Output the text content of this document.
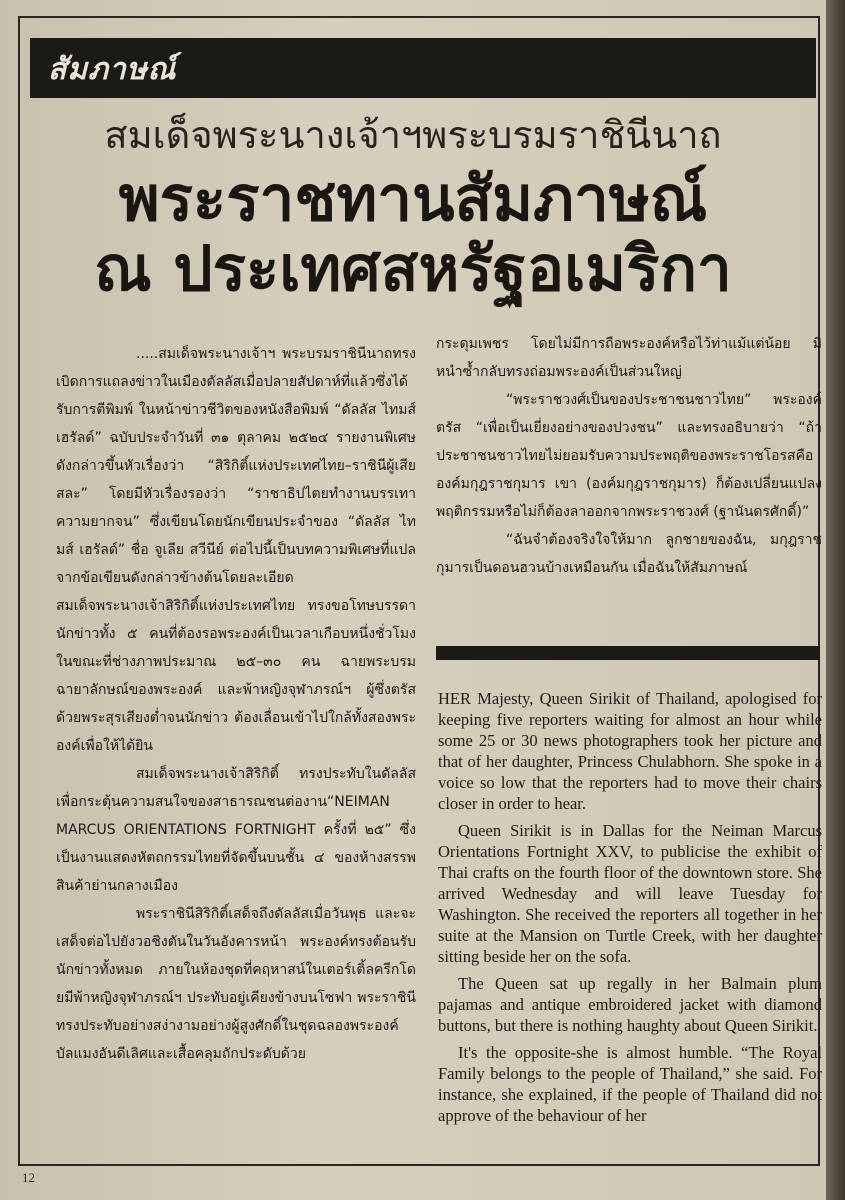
สัมภาษณ์
สมเด็จพระนางเจ้าฯพระบรมราชินีนาถ
พระราชทานสัมภาษณ์
ณ ประเทศสหรัฐอเมริกา

.....สมเด็จพระนางเจ้าฯ พระบรมราชินีนาถทรงเบิดการแถลงข่าวในเมืองดัลลัสเมื่อปลายสัปดาห์ที่แล้วซึ่งได้รับการตีพิมพ์ ในหน้าข่าวชีวิตของหนังสือพิมพ์ “ดัลลัส ไทมส์ เฮรัลด์” ฉบับประจำวันที่ ๓๑ ตุลาคม ๒๕๒๔ รายงานพิเศษดังกล่าวขึ้นหัวเรื่องว่า “สิริกิติ์แห่งประเทศไทย–ราชินีผู้เสียสละ” โดยมีหัวเรื่องรองว่า “ราชาธิปไตยทำงานบรรเทาความยากจน” ซึ่งเขียนโดยนักเขียนประจำของ “ดัลลัส ไทมส์ เฮรัลด์” ชื่อ จูเลีย สวีนีย์ ต่อไปนี้เป็นบทความพิเศษที่แปลจากข้อเขียนดังกล่าวข้างต้นโดยละเอียด

สมเด็จพระนางเจ้าสิริกิติ์แห่งประเทศไทย ทรงขอโทษบรรดานักข่าวทั้ง ๕ คนที่ต้องรอพระองค์เป็นเวลาเกือบหนึ่งชั่วโมงในขณะที่ช่างภาพประมาณ ๒๕–๓๐ คน ฉายพระบรมฉายาลักษณ์ของพระองค์ และพ้าหญิงจุฬาภรณ์ฯ ผู้ซึ่งตรัสด้วยพระสุรเสียงต่ำจนนักข่าว ต้องเลื่อนเข้าไปใกล้ทั้งสองพระองค์เพื่อให้ได้ยิน

สมเด็จพระนางเจ้าสิริกิติ์ ทรงประทับในดัลลัสเพื่อกระตุ้นความสนใจของสาธารณชนต่องาน“NEIMAN MARCUS ORIENTATIONS FORTNIGHT ครั้งที่ ๒๕” ซึ่งเป็นงานแสดงหัตถกรรมไทยที่จัดขึ้นบนชั้น ๔ ของห้างสรรพสินค้าย่านกลางเมือง

พระราชินีสิริกิติ์เสด็จถึงดัลลัสเมื่อวันพุธ และจะเสด็จต่อไปยังวอชิงตันในวันอังคารหน้า พระองค์ทรงต้อนรับนักข่าวทั้งหมด ภายในห้องชุดที่คฤหาสน์ในเตอร์เติ้ลครีกโดยมีพ้าหญิงจุฬาภรณ์ฯ ประทับอยู่เคียงข้างบนโซฟา พระราชินี ทรงประทับอย่างสง่างามอย่างผู้สูงศักดิ์ในชุดฉลองพระองค์บัลแมงอันดีเลิศและเสื้อคลุมถักประดับด้วย

กระดุมเพชร โดยไม่มีการถือพระองค์หรือไว้ท่าแม้แต่น้อย มิหนำซ้ำกลับทรงถ่อมพระองค์เป็นส่วนใหญ่

“พระราชวงศ์เป็นของประชาชนชาวไทย” พระองค์ตรัส “เพื่อเป็นเยี่ยงอย่างของปวงชน” และทรงอธิบายว่า “ถ้าประชาชนชาวไทยไม่ยอมรับความประพฤติของพระราชโอรสคือองค์มกุฎราชกุมาร เขา (องค์มกุฎราชกุมาร) ก็ต้องเปลี่ยนแปลงพฤติกรรมหรือไม่ก็ต้องลาออกจากพระราชวงศ์ (ฐานันดรศักดิ์)”

“ฉันจำต้องจริงใจให้มาก ลูกชายของฉัน, มกุฎราชกุมารเป็นดอนฮวนบ้างเหมือนกัน เมื่อฉันให้สัมภาษณ์

HER Majesty, Queen Sirikit of Thailand, apologised for keeping five reporters waiting for almost an hour while some 25 or 30 news photographers took her picture and that of her daughter, Princess Chulabhorn. She spoke in a voice so low that the reporters had to move their chairs closer in order to hear.

Queen Sirikit is in Dallas for the Neiman Marcus Orientations Fortnight XXV, to publicise the exhibit of Thai crafts on the fourth floor of the downtown store. She arrived Wednesday and will leave Tuesday for Washington. She received the reporters all together in her suite at the Mansion on Turtle Creek, with her daughter sitting beside her on the sofa.

The Queen sat up regally in her Balmain plum pajamas and antique embroidered jacket with diamond buttons, but there is nothing haughty about Queen Sirikit.

It's the opposite-she is almost humble. “The Royal Family belongs to the people of Thailand,” she said. For instance, she explained, if the people of Thailand did not approve of the behaviour of her

12
